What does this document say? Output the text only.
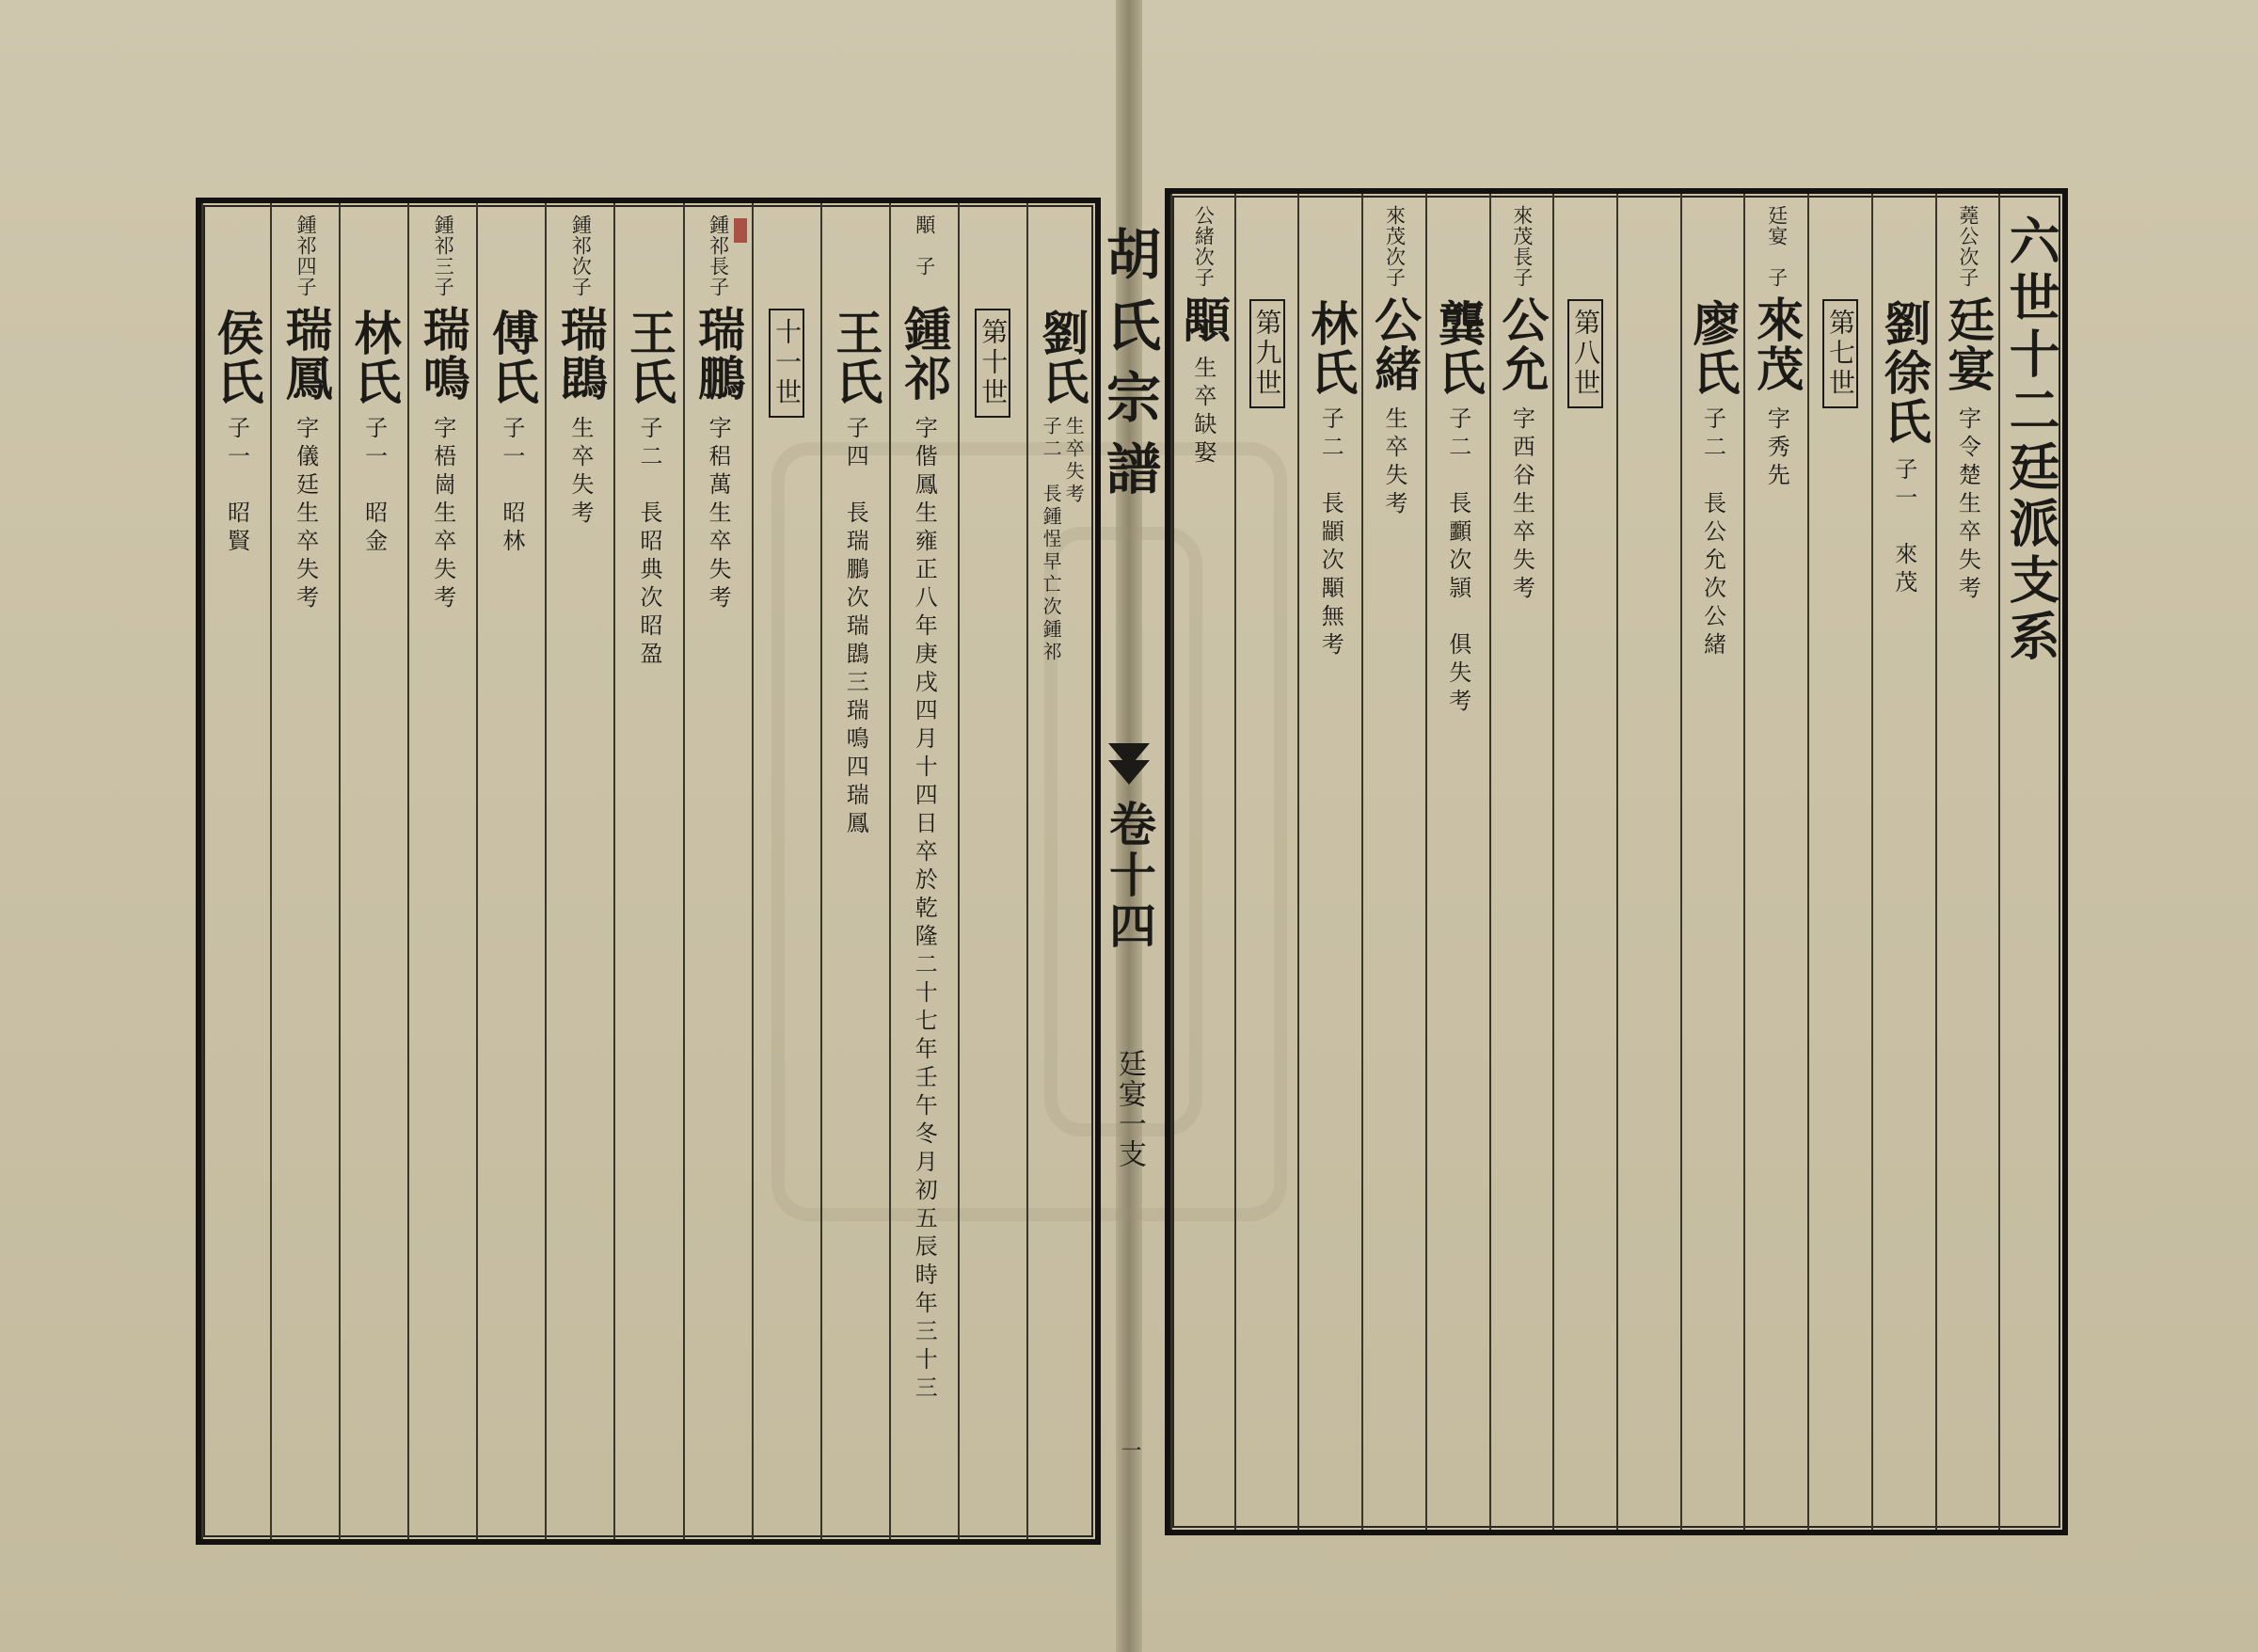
六世十二廷派支系
蕘公次子
廷宴
字令楚生卒失考
劉徐氏
子一　來茂
第七世
廷宴　子
來茂
字秀先
廖氏
子二　長公允次公緒
第八世
來茂長子
公允
字西谷生卒失考
龔氏
子二　長䫷次頴　俱失考
來茂次子
公緒
生卒失考
林氏
子二　長顓次顒無考
第九世
公緒次子
顒
生卒缺娶
劉氏
生卒失考
子二　長鍾悜早亡次鍾祁
第十世
顒　子
鍾祁
字偕鳳生雍正八年庚戌四月十四日卒於乾隆二十七年壬午冬月初五辰時年三十三
王氏
子四　長瑞鵬次瑞鵾三瑞鳴四瑞鳳
十一世
鍾祁長子
瑞鵬
字稆萬生卒失考
王氏
子二　長昭典次昭盈
鍾祁次子
瑞鵾
生卒失考
傅氏
子一　昭林
鍾祁三子
瑞鳴
字梧崗生卒失考
林氏
子一　昭金
鍾祁四子
瑞鳳
字儀廷生卒失考
侯氏
子一　昭賢	胡氏宗譜
卷十四
廷宴一支
一
